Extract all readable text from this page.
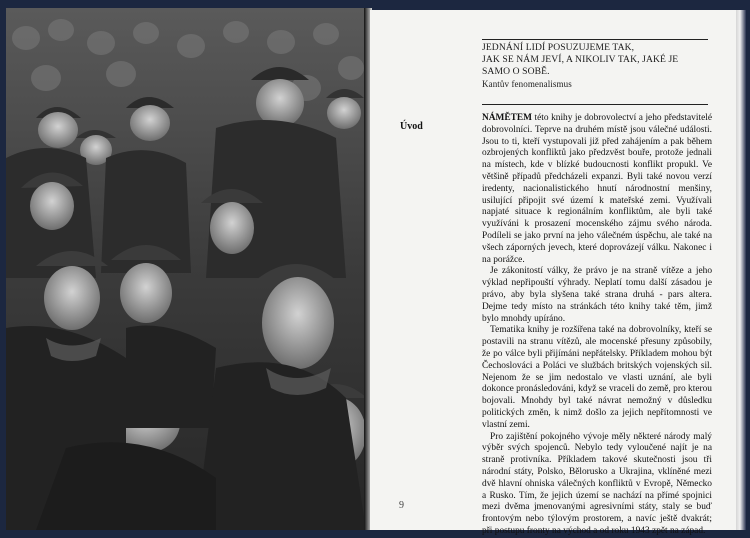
JEDNÁNÍ LIDÍ POSUZUJEME TAK,
JAK SE NÁM JEVÍ, A NIKOLIV TAK, JAKÉ JE
SAMO O SOBĚ.
Kantův fenomenalismus
Úvod

NÁMĚTEM této knihy je dobrovolectví a jeho představitelé dobrovolníci. Teprve na druhém místě jsou válečné události. Jsou to ti, kteří vystupovali již před zahájením a pak během ozbrojených konfliktů jako předzvěst bouře, protože jednali na místech, kde v blízké budoucnosti konflikt propukl. Ve většině případů předcházeli expanzi. Byli také novou verzí iredenty, nacionalistického hnutí národnostní menšiny, usilující připojit své území k mateřské zemi. Využívali napjaté situace k regionálním konfliktům, ale byli také využíváni k prosazení mocenského zájmu svého národa. Podíleli se jako první na jeho válečném úspěchu, ale také na všech záporných jevech, které doprovázejí válku. Nakonec i na porážce.

Je zákonitostí války, že právo je na straně vítěze a jeho výklad nepřipouští výhrady. Neplatí tomu další zásadou je právo, aby byla slyšena také strana druhá - pars altera. Dejme tedy místo na stránkách této knihy také těm, jimž bylo mnohdy upíráno.

Tematika knihy je rozšířena také na dobrovolníky, kteří se postavili na stranu vítězů, ale mocenské přesuny způsobily, že po válce byli přijímáni nepřátelsky. Příkladem mohou být Čechoslováci a Poláci ve službách britských vojenských sil. Nejenom že se jim nedostalo ve vlasti uznání, ale byli dokonce pronásledováni, když se vraceli do země, pro kterou bojovali. Mnohdy byl také návrat nemožný v důsledku politických změn, k nimž došlo za jejich nepřítomnosti ve vlastní zemi.

Pro zajištění pokojného vývoje měly některé národy malý výběr svých spojenců. Nebylo tedy vyloučené najít je na straně protivníka. Příkladem takové skutečnosti jsou tři národní státy, Polsko, Bělorusko a Ukrajina, vklíněné mezi dvě hlavní ohniska válečných konfliktů v Evropě, Německo a Rusko. Tím, že jejich území se nachází na přímé spojnici mezi dvěma jmenovanými agresivními státy, staly se buď frontovým nebo týlovým prostorem, a navíc ještě dvakrát; při postupu fronty na východ a od roku 1943 zpět na západ.

9
